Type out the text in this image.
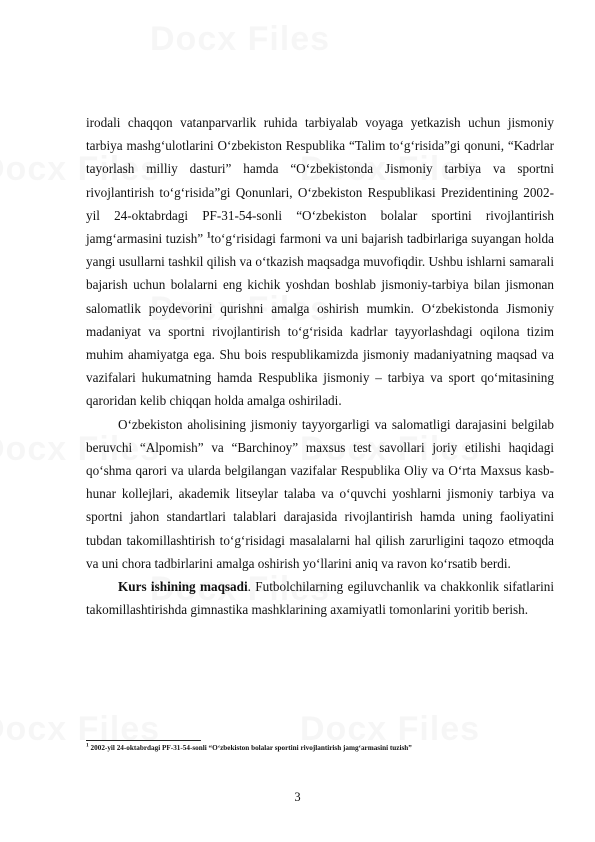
irodali chaqqon vatanparvarlik ruhida tarbiyalab voyaga yetkazish uchun jismoniy tarbiya mashg‘ulotlarini O‘zbekiston Respublika “Talim to‘g‘risida”gi qonuni, “Kadrlar tayorlash milliy dasturi” hamda “O‘zbekistonda Jismoniy tarbiya va sportni rivojlantirish to‘g‘risida”gi Qonunlari, O‘zbekiston Respublikasi Prezidentining 2002- yil 24-oktabrdagi PF-31-54-sonli “O‘zbekiston bolalar sportini rivojlantirish jamg‘armasini tuzish” $^1$to‘g‘risidagi farmoni va uni bajarish tadbirlariga suyangan holda yangi usullarni tashkil qilish va o‘tkazish maqsadga muvofiqdir. Ushbu ishlarni samarali bajarish uchun bolalarni eng kichik yoshdan boshlab jismoniy-tarbiya bilan jismonan salomatlik poydevorini qurishni amalga oshirish mumkin. O‘zbekistonda Jismoniy madaniyat va sportni rivojlantirish to‘g‘risida kadrlar tayyorlashdagi oqilona tizim muhim ahamiyatga ega. Shu bois respublikamizda jismoniy madaniyatning maqsad va vazifalari hukumatning hamda Respublika jismoniy – tarbiya va sport qo‘mitasining qaroridan kelib chiqqan holda amalga oshiriladi.

O‘zbekiston aholisining jismoniy tayyorgarligi va salomatligi darajasini belgilab beruvchi “Alpomish” va “Barchinoy” maxsus test savollari joriy etilishi haqidagi qo‘shma qarori va ularda belgilangan vazifalar Respublika Oliy va O‘rta Maxsus kasb-hunar kollejlari, akademik litseylar talaba va o‘quvchi yoshlarni jismoniy tarbiya va sportni jahon standartlari talablari darajasida rivojlantirish hamda uning faoliyatini tubdan takomillashtirish to‘g‘risidagi masalalarni hal qilish zarurligini taqozo etmoqda va uni chora tadbirlarini amalga oshirish yo‘llarini aniq va ravon ko‘rsatib berdi.

Kurs ishining maqsadi. Futbolchilarning egiluvchanlik va chakkonlik sifatlarini takomillashtirishda gimnastika mashklarining axamiyatli tomonlarini yoritib berish.

$^1$ 2002-yil 24-oktabrdagi PF-31-54-sonli “O‘zbekiston bolalar sportini rivojlantirish jamg‘armasini tuzish”
3
